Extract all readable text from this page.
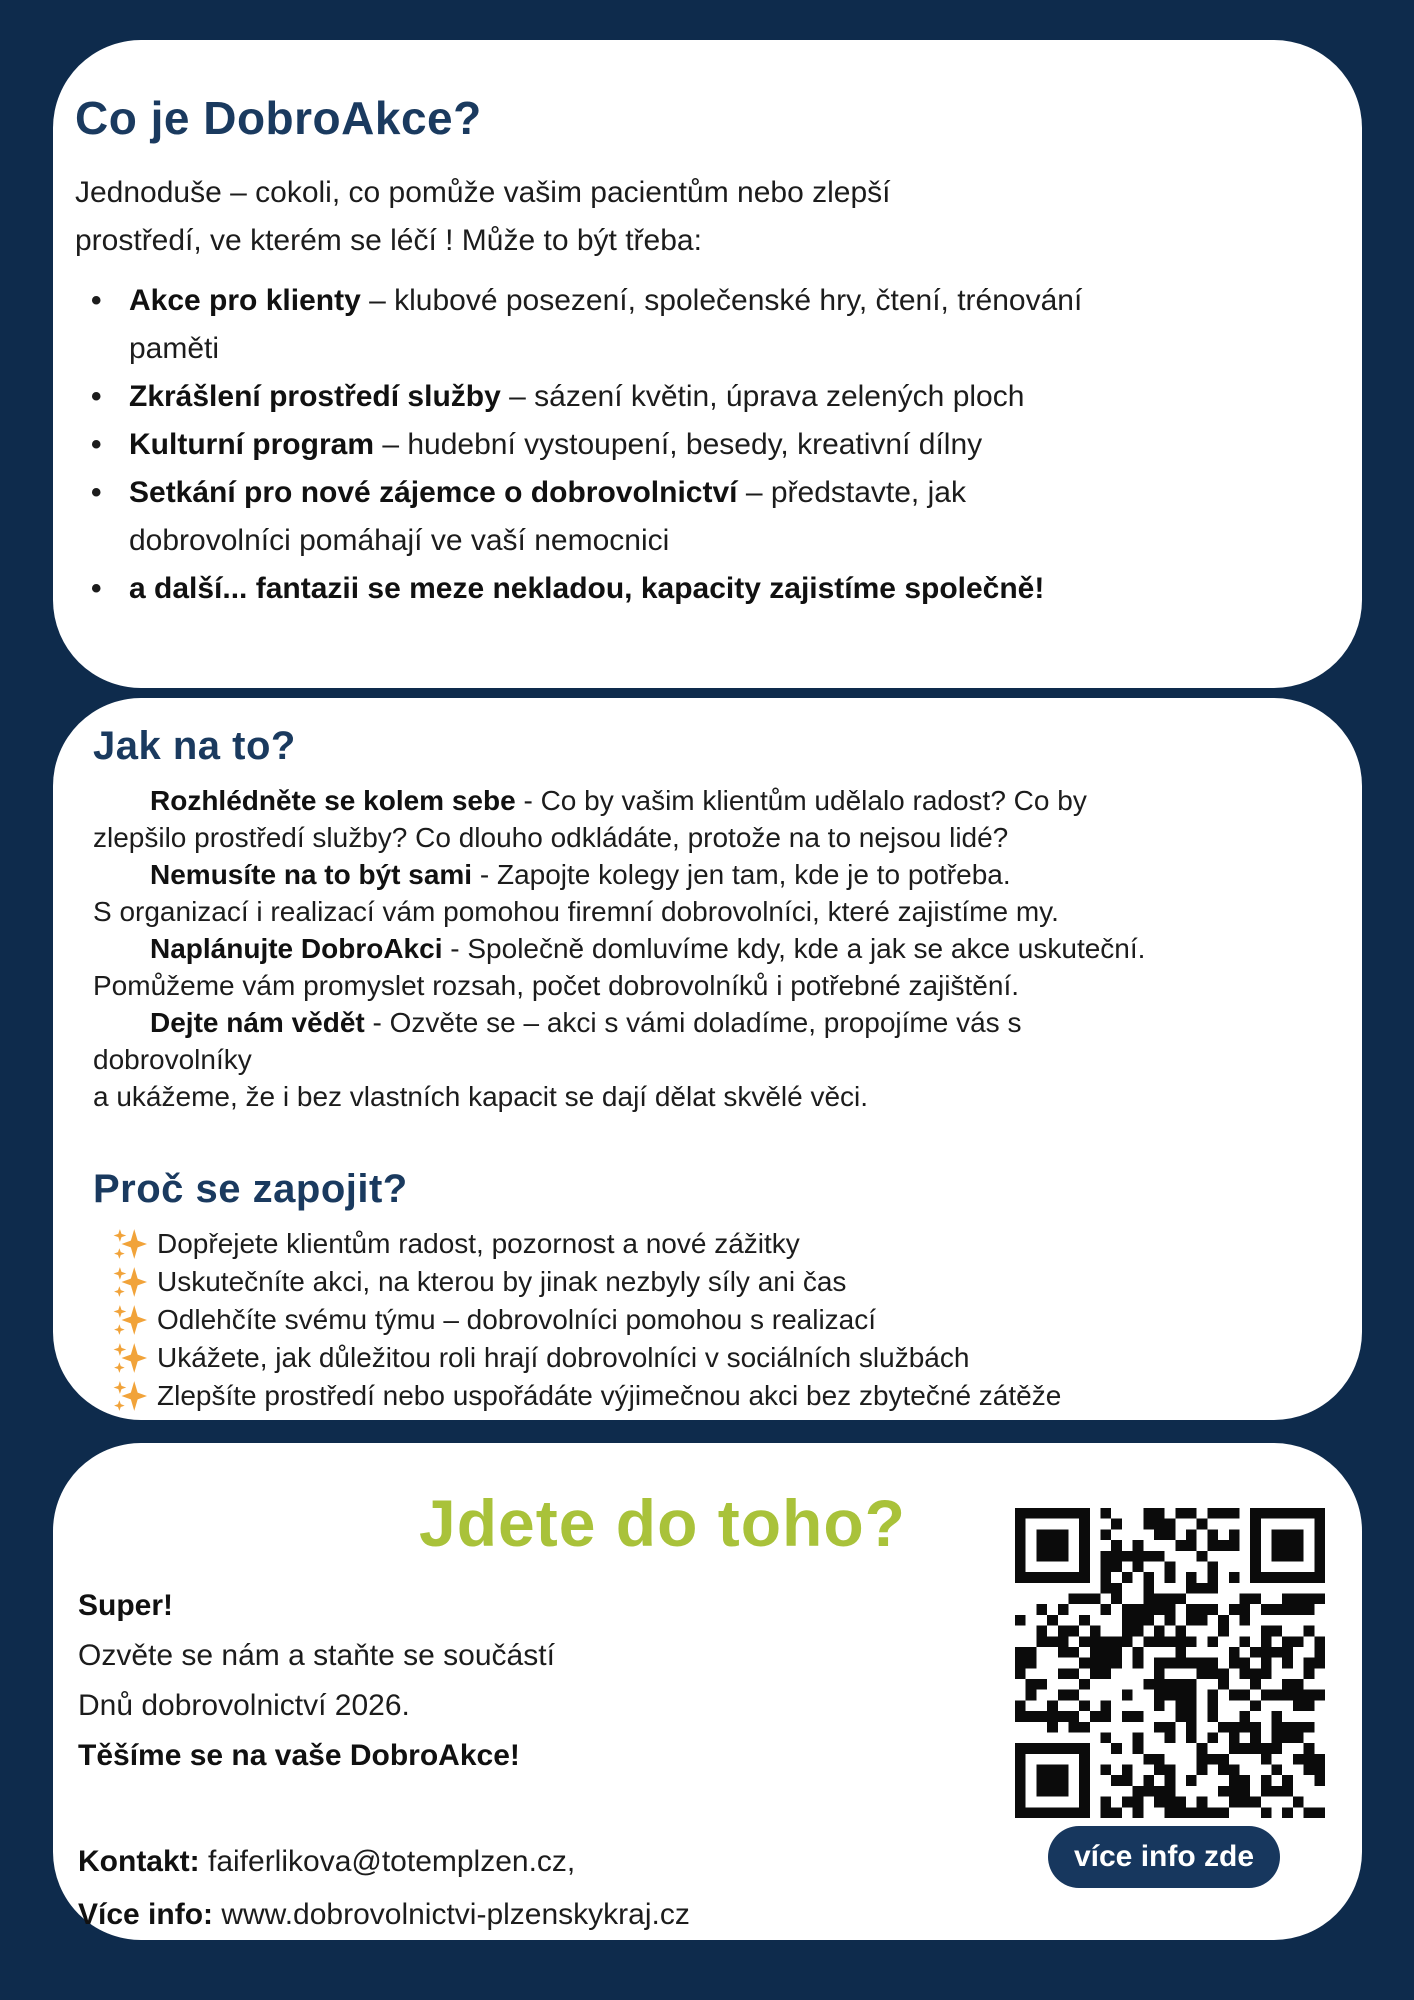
Co je DobroAkce?

Jednoduše – cokoli, co pomůže vašim pacientům nebo zlepší
prostředí, ve kterém se léčí ! Může to být třeba:

• Akce pro klienty – klubové posezení, společenské hry, čtení, trénování
paměti
• Zkrášlení prostředí služby – sázení květin, úprava zelených ploch
• Kulturní program – hudební vystoupení, besedy, kreativní dílny
• Setkání pro nové zájemce o dobrovolnictví – představte, jak
dobrovolníci pomáhají ve vaší nemocnici
• a další... fantazii se meze nekladou, kapacity zajistíme společně!
Jak na to?

Rozhlédněte se kolem sebe - Co by vašim klientům udělalo radost? Co by
zlepšilo prostředí služby? Co dlouho odkládáte, protože na to nejsou lidé?

Nemusíte na to být sami - Zapojte kolegy jen tam, kde je to potřeba.
S organizací i realizací vám pomohou firemní dobrovolníci, které zajistíme my.

Naplánujte DobroAkci - Společně domluvíme kdy, kde a jak se akce uskuteční.
Pomůžeme vám promyslet rozsah, počet dobrovolníků i potřebné zajištění.

Dejte nám vědět - Ozvěte se – akci s vámi doladíme, propojíme vás s dobrovolníky
a ukážeme, že i bez vlastních kapacit se dají dělat skvělé věci.

Proč se zapojit?
Dopřejete klientům radost, pozornost a nové zážitky
Uskutečníte akci, na kterou by jinak nezbyly síly ani čas
Odlehčíte svému týmu – dobrovolníci pomohou s realizací
Ukážete, jak důležitou roli hrají dobrovolníci v sociálních službách
Zlepšíte prostředí nebo uspořádáte výjimečnou akci bez zbytečné zátěže
Jdete do toho?
Super!
Ozvěte se nám a staňte se součástí
Dnů dobrovolnictví 2026.
Těšíme se na vaše DobroAkce!
Kontakt: faiferlikova@totemplzen.cz,
Více info: www.dobrovolnictvi-plzenskykraj.cz
více info zde
